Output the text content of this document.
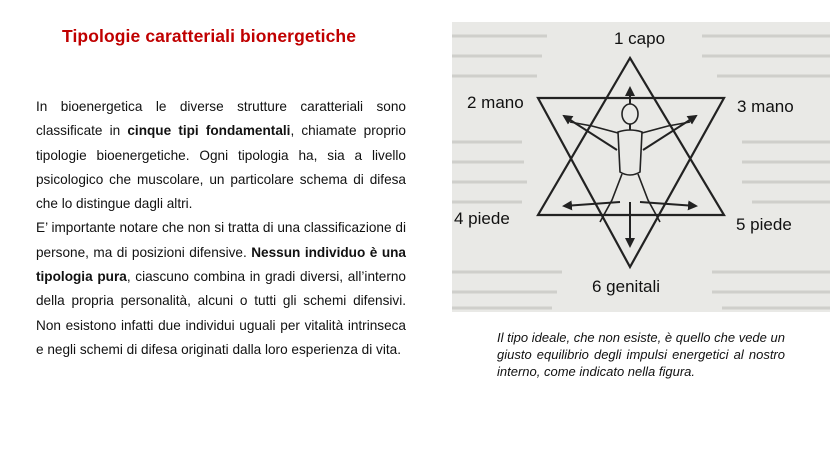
Tipologie caratteriali bionergetiche

In bioenergetica le diverse strutture caratteriali sono classificate in cinque tipi fondamentali, chiamate proprio tipologie bioenergetiche. Ogni tipologia ha, sia a livello psicologico che muscolare, un particolare schema di difesa che lo distingue dagli altri.

E’ importante notare che non si tratta di una classificazione di persone, ma di posizioni difensive. Nessun individuo è una tipologia pura, ciascuno combina in gradi diversi, all’interno della propria personalità, alcuni o tutti gli schemi difensivi. Non esistono infatti due individui uguali per vitalità intrinseca e negli schemi di difesa originati dalla loro esperienza di vita.

1 capo
2 mano	3 mano
4 piede	5 piede
6 genitali
Il tipo ideale, che non esiste, è quello che vede un giusto equilibrio degli impulsi energetici al nostro interno, come indicato nella figura.
